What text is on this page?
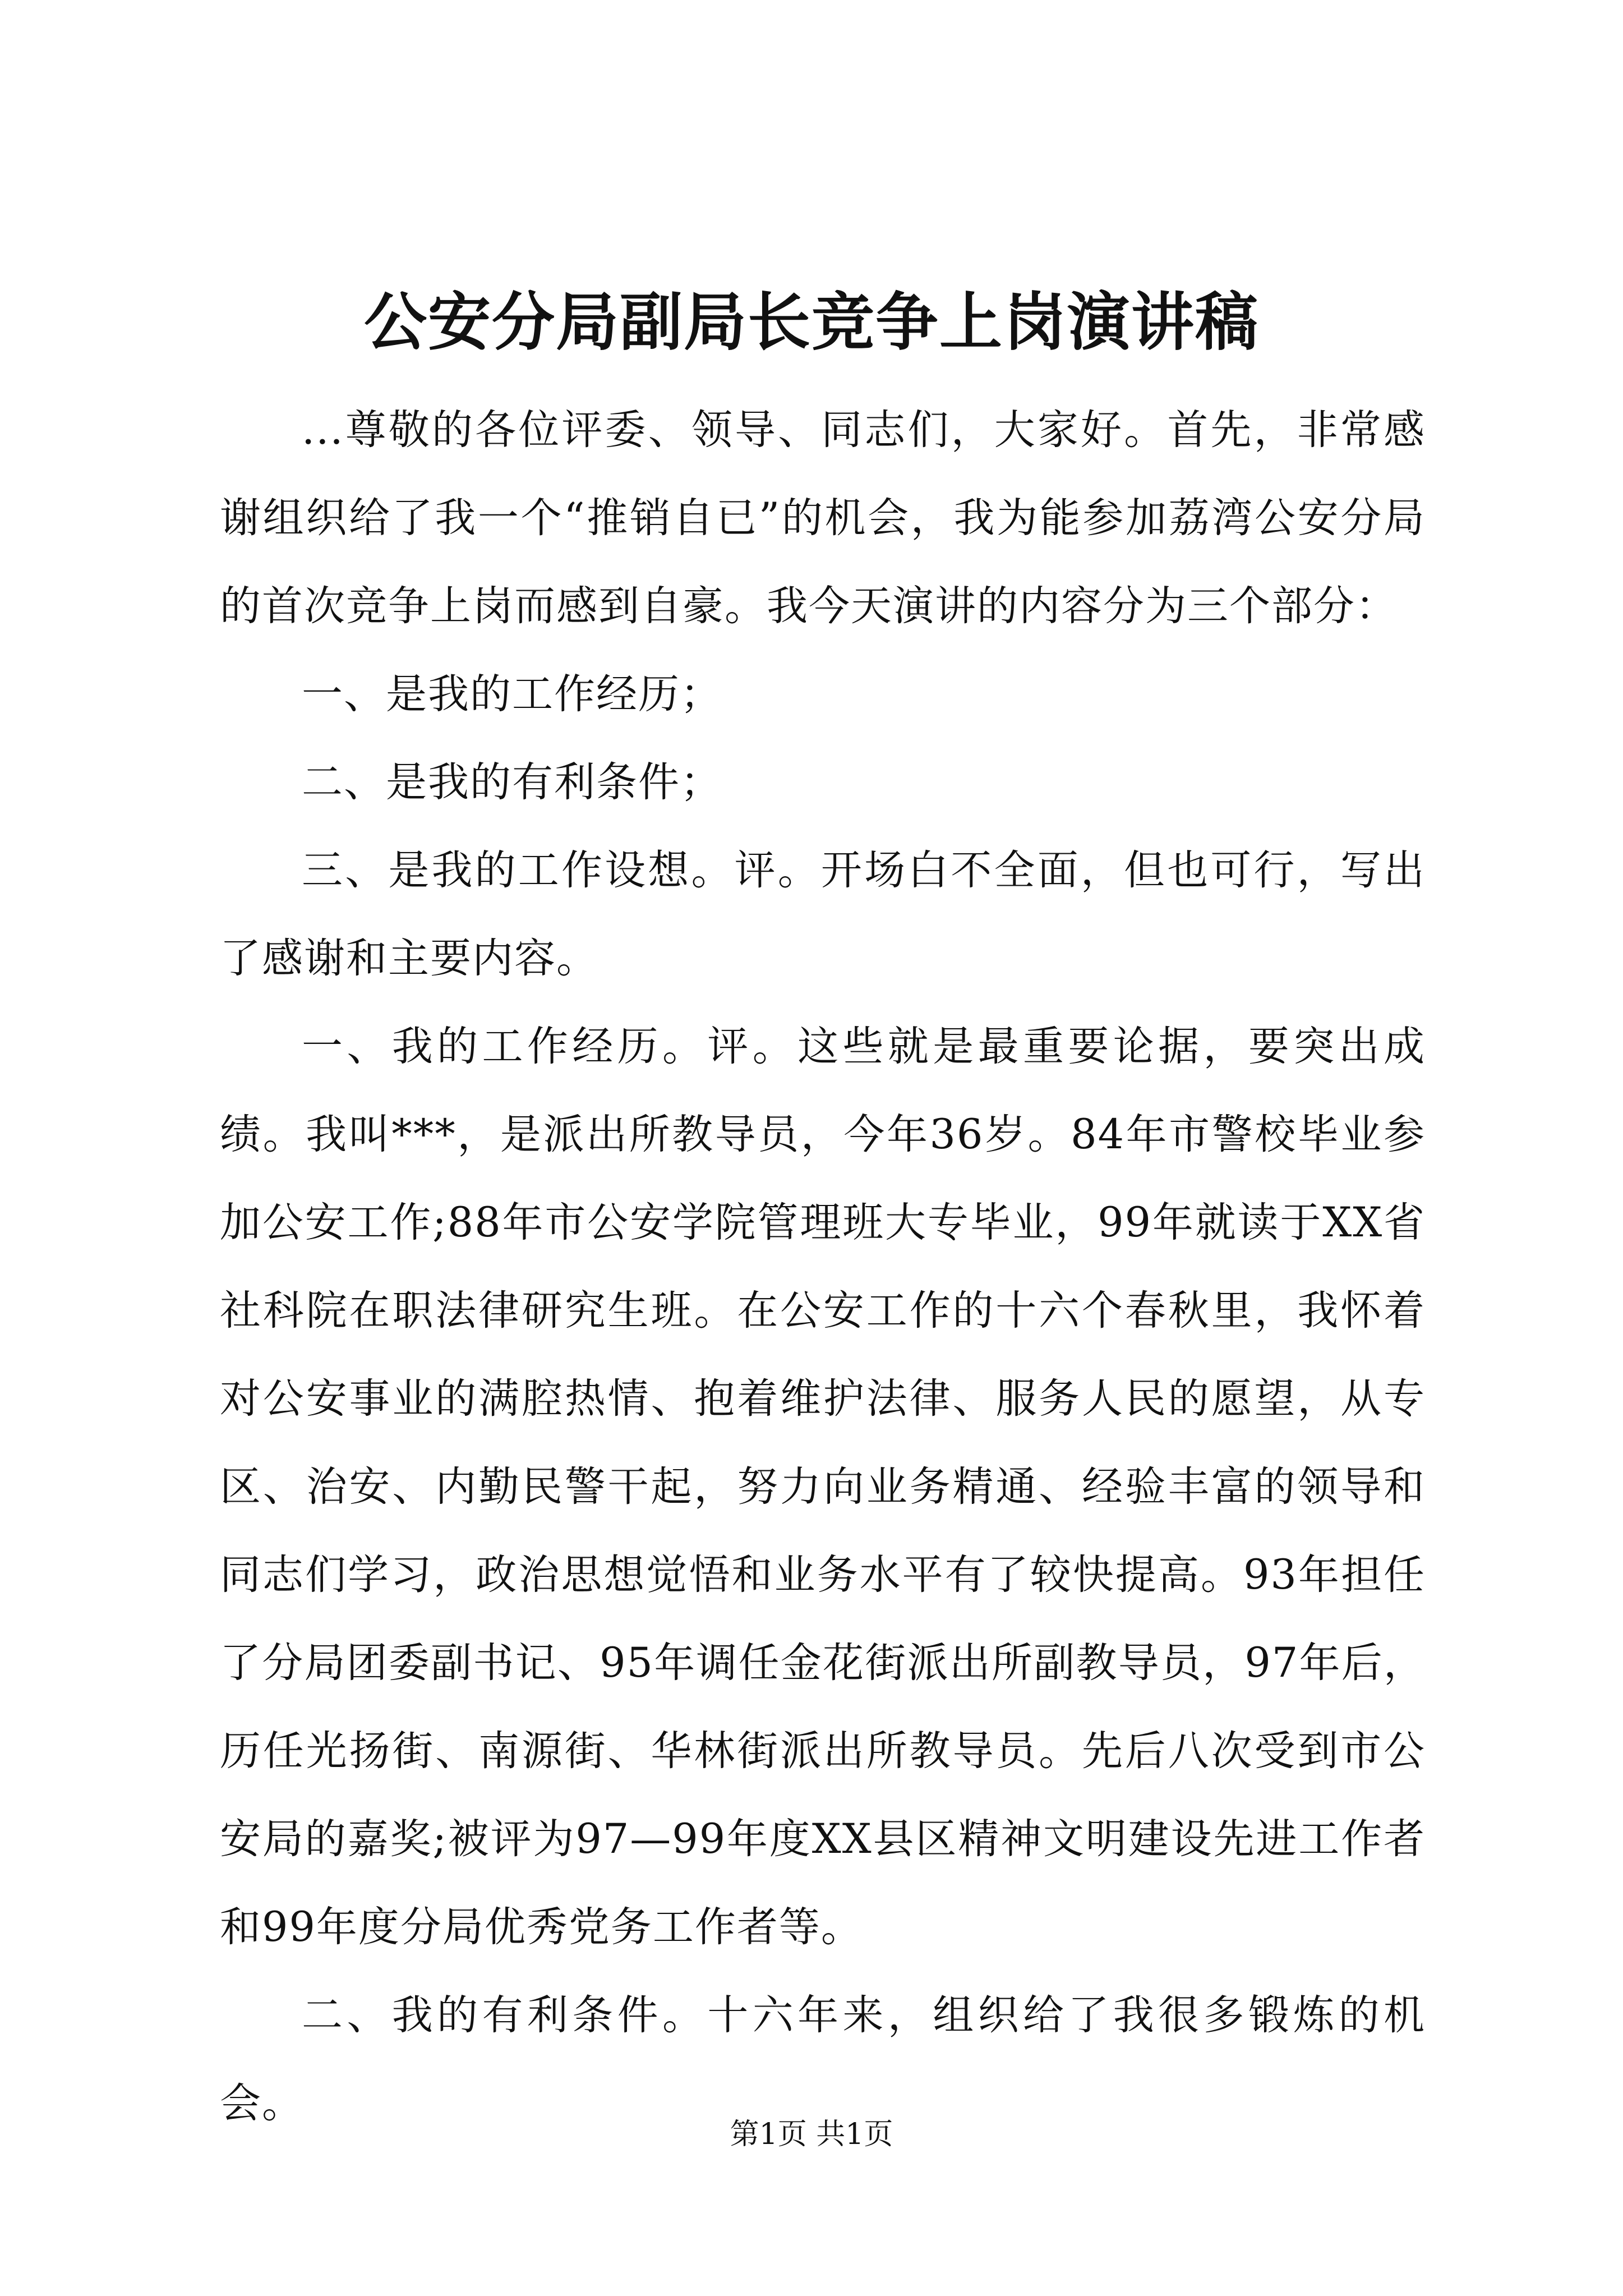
公安分局副局长竞争上岗演讲稿

...尊敬的各位评委、领导、同志们，大家好。首先，非常感谢组织给了我一个“推销自已”的机会，我为能参加荔湾公安分局的首次竞争上岗而感到自豪。我今天演讲的内容分为三个部分：

一、是我的工作经历；

二、是我的有利条件；

三、是我的工作设想。评。开场白不全面，但也可行，写出了感谢和主要内容。

一、我的工作经历。评。这些就是最重要论据，要突出成绩。我叫***，是派出所教导员，今年36岁。84年市警校毕业参加公安工作;88年市公安学院管理班大专毕业，99年就读于XX省社科院在职法律研究生班。在公安工作的十六个春秋里，我怀着对公安事业的满腔热情、抱着维护法律、服务人民的愿望，从专区、治安、内勤民警干起，努力向业务精通、经验丰富的领导和同志们学习，政治思想觉悟和业务水平有了较快提高。93年担任了分局团委副书记、95年调任金花街派出所副教导员，97年后，历任光扬街、南源街、华林街派出所教导员。先后八次受到市公安局的嘉奖;被评为97—99年度XX县区精神文明建设先进工作者和99年度分局优秀党务工作者等。

二、我的有利条件。十六年来，组织给了我很多锻炼的机会。

第1页 共1页
